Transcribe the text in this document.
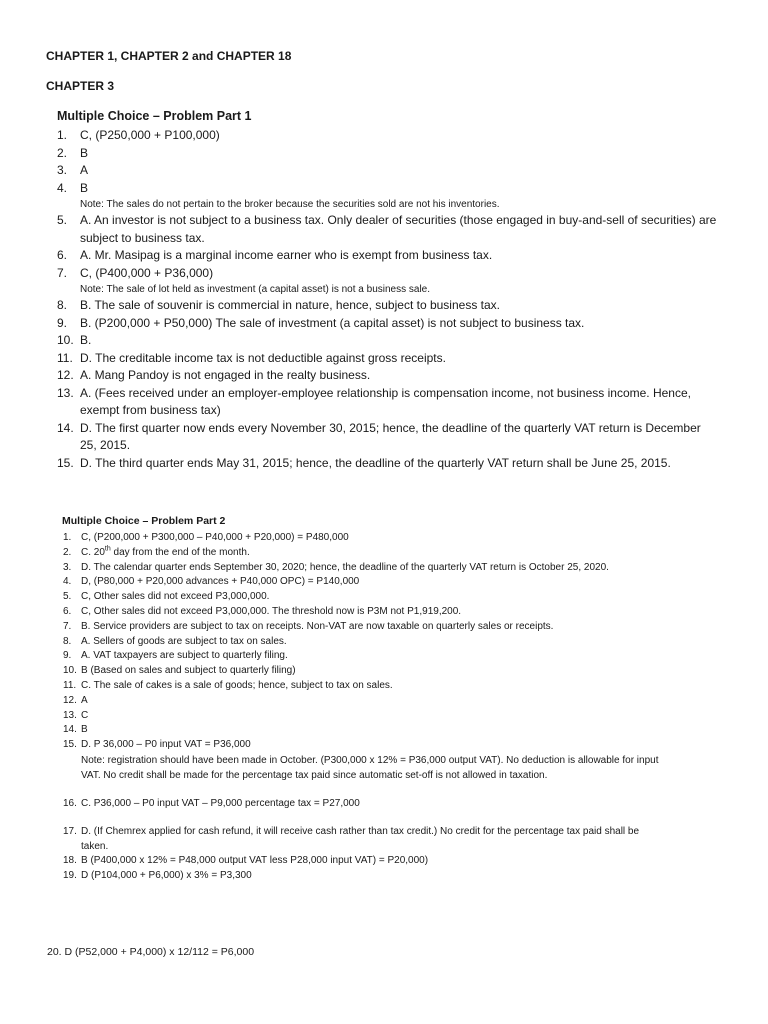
CHAPTER 1, CHAPTER 2 and CHAPTER 18
CHAPTER 3
Multiple Choice – Problem Part 1
1. C, (P250,000 + P100,000)
2. B
3. A
4. B
Note: The sales do not pertain to the broker because the securities sold are not his inventories.
5. A. An investor is not subject to a business tax. Only dealer of securities (those engaged in buy-and-sell of securities) are subject to business tax.
6. A. Mr. Masipag is a marginal income earner who is exempt from business tax.
7. C, (P400,000 + P36,000)
Note: The sale of lot held as investment (a capital asset) is not a business sale.
8. B. The sale of souvenir is commercial in nature, hence, subject to business tax.
9. B. (P200,000 + P50,000) The sale of investment (a capital asset) is not subject to business tax.
10. B.
11. D. The creditable income tax is not deductible against gross receipts.
12. A. Mang Pandoy is not engaged in the realty business.
13. A. (Fees received under an employer-employee relationship is compensation income, not business income. Hence, exempt from business tax)
14. D. The first quarter now ends every November 30, 2015; hence, the deadline of the quarterly VAT return is December 25, 2015.
15. D. The third quarter ends May 31, 2015; hence, the deadline of the quarterly VAT return shall be June 25, 2015.
Multiple Choice – Problem Part 2
1. C, (P200,000 + P300,000 – P40,000 + P20,000) = P480,000
2. C. 20th day from the end of the month.
3. D. The calendar quarter ends September 30, 2020; hence, the deadline of the quarterly VAT return is October 25, 2020.
4. D, (P80,000 + P20,000 advances + P40,000 OPC) = P140,000
5. C, Other sales did not exceed P3,000,000.
6. C, Other sales did not exceed P3,000,000. The threshold now is P3M not P1,919,200.
7. B. Service providers are subject to tax on receipts. Non-VAT are now taxable on quarterly sales or receipts.
8. A. Sellers of goods are subject to tax on sales.
9. A. VAT taxpayers are subject to quarterly filing.
10. B (Based on sales and subject to quarterly filing)
11. C. The sale of cakes is a sale of goods; hence, subject to tax on sales.
12. A
13. C
14. B
15. D. P 36,000 – P0 input VAT = P36,000
Note: registration should have been made in October. (P300,000 x 12% = P36,000 output VAT). No deduction is allowable for input VAT. No credit shall be made for the percentage tax paid since automatic set-off is not allowed in taxation.
16. C. P36,000 – P0 input VAT – P9,000 percentage tax = P27,000
17. D. (If Chemrex applied for cash refund, it will receive cash rather than tax credit.) No credit for the percentage tax paid shall be taken.
18. B (P400,000 x 12% = P48,000 output VAT less P28,000 input VAT) = P20,000)
19. D (P104,000 + P6,000) x 3% = P3,300
20. D (P52,000 + P4,000) x 12/112 = P6,000
